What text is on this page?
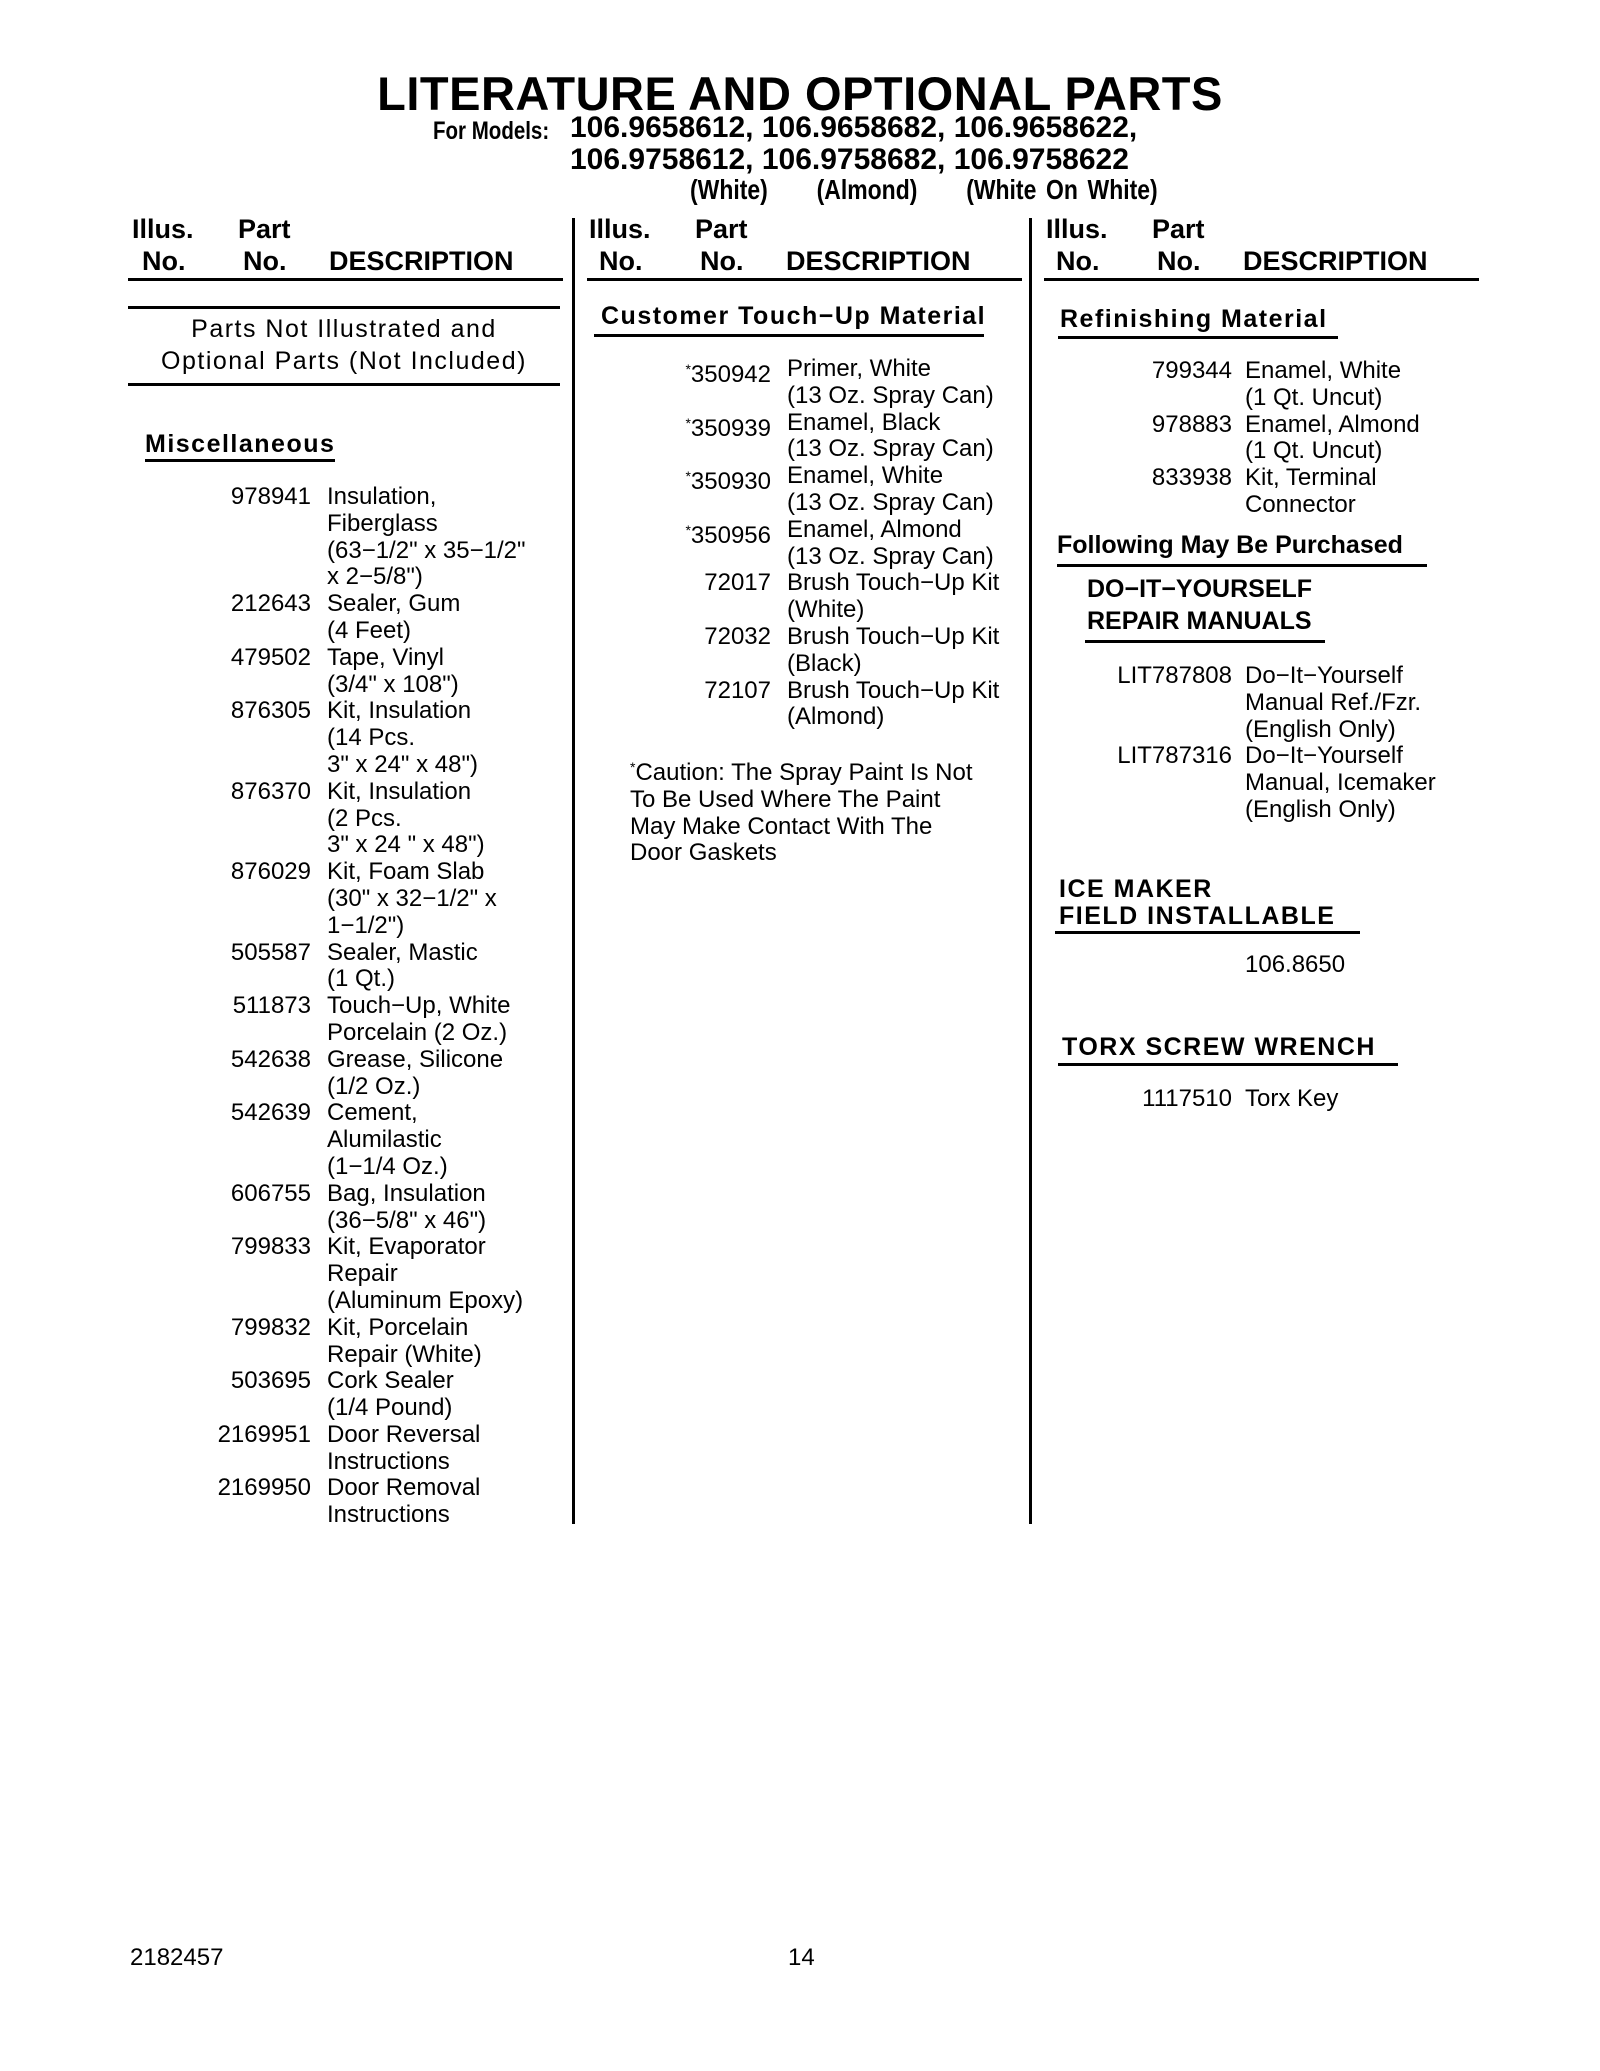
LITERATURE AND OPTIONAL PARTS
For Models: 106.9658612, 106.9658682, 106.9658622,
106.9758612, 106.9758682, 106.9758622
(White) (Almond) (White On White)
Illus. Part
No. No. DESCRIPTION
Illus. Part
No. No. DESCRIPTION
Illus. Part
No. No. DESCRIPTION
Parts Not Illustrated and
Optional Parts (Not Included)
Miscellaneous
978941 Insulation,
Fiberglass
(63−1/2" x 35−1/2"
x 2−5/8")
212643 Sealer, Gum
(4 Feet)
479502 Tape, Vinyl
(3/4" x 108")
876305 Kit, Insulation
(14 Pcs.
3" x 24" x 48")
876370 Kit, Insulation
(2 Pcs.
3" x 24 " x 48")
876029 Kit, Foam Slab
(30" x 32−1/2" x
1−1/2")
505587 Sealer, Mastic
(1 Qt.)
511873 Touch−Up, White
Porcelain (2 Oz.)
542638 Grease, Silicone
(1/2 Oz.)
542639 Cement,
Alumilastic
(1−1/4 Oz.)
606755 Bag, Insulation
(36−5/8" x 46")
799833 Kit, Evaporator
Repair
(Aluminum Epoxy)
799832 Kit, Porcelain
Repair (White)
503695 Cork Sealer
(1/4 Pound)
2169951 Door Reversal
Instructions
2169950 Door Removal
Instructions
Customer Touch−Up Material
*350942 Primer, White
(13 Oz. Spray Can)
*350939 Enamel, Black
(13 Oz. Spray Can)
*350930 Enamel, White
(13 Oz. Spray Can)
*350956 Enamel, Almond
(13 Oz. Spray Can)
72017 Brush Touch−Up Kit
(White)
72032 Brush Touch−Up Kit
(Black)
72107 Brush Touch−Up Kit
(Almond)
*Caution: The Spray Paint Is Not
To Be Used Where The Paint
May Make Contact With The
Door Gaskets
Refinishing Material
799344 Enamel, White
(1 Qt. Uncut)
978883 Enamel, Almond
(1 Qt. Uncut)
833938 Kit, Terminal
Connector
Following May Be Purchased
DO−IT−YOURSELF
REPAIR MANUALS
LIT787808 Do−It−Yourself
Manual Ref./Fzr.
(English Only)
LIT787316 Do−It−Yourself
Manual, Icemaker
(English Only)
ICE MAKER
FIELD INSTALLABLE
106.8650
TORX SCREW WRENCH
1117510 Torx Key
2182457	14
